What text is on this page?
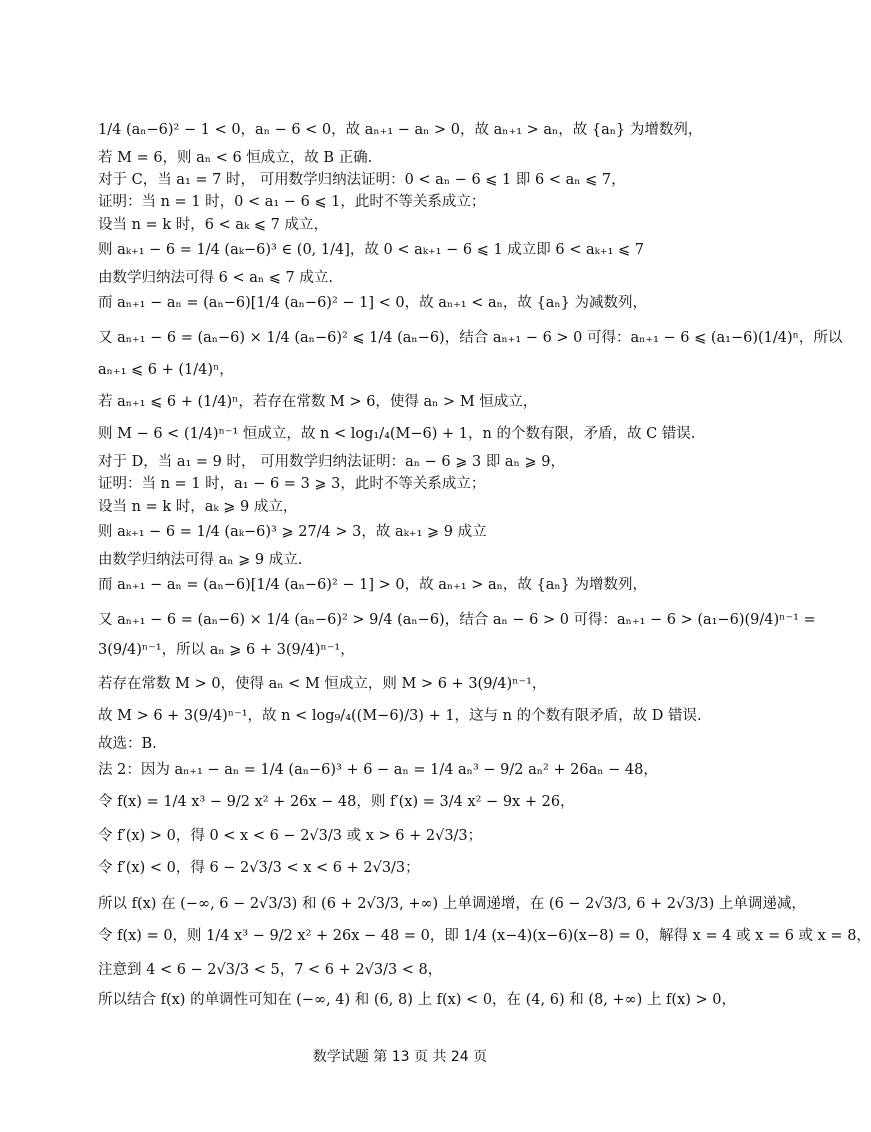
1/4 (aₙ−6)² − 1 < 0，aₙ − 6 < 0，故 aₙ₊₁ − aₙ > 0，故 aₙ₊₁ > aₙ，故 {aₙ} 为增数列，
若 M = 6，则 aₙ < 6 恒成立，故 B 正确.
对于 C，当 a₁ = 7 时， 可用数学归纳法证明：0 < aₙ − 6 ⩽ 1 即 6 < aₙ ⩽ 7，
证明：当 n = 1 时，0 < a₁ − 6 ⩽ 1，此时不等关系成立；
设当 n = k 时，6 < aₖ ⩽ 7 成立，
则 aₖ₊₁ − 6 = 1/4 (aₖ−6)³ ∈ (0, 1/4]，故 0 < aₖ₊₁ − 6 ⩽ 1 成立即 6 < aₖ₊₁ ⩽ 7
由数学归纳法可得 6 < aₙ ⩽ 7 成立.
而 aₙ₊₁ − aₙ = (aₙ−6)[1/4 (aₙ−6)² − 1] < 0，故 aₙ₊₁ < aₙ，故 {aₙ} 为减数列，
又 aₙ₊₁ − 6 = (aₙ−6) × 1/4 (aₙ−6)² ⩽ 1/4 (aₙ−6)，结合 aₙ₊₁ − 6 > 0 可得：aₙ₊₁ − 6 ⩽ (a₁−6)(1/4)ⁿ，所以
aₙ₊₁ ⩽ 6 + (1/4)ⁿ，
若 aₙ₊₁ ⩽ 6 + (1/4)ⁿ，若存在常数 M > 6，使得 aₙ > M 恒成立，
则 M − 6 < (1/4)ⁿ⁻¹ 恒成立，故 n < log₁/₄(M−6) + 1，n 的个数有限，矛盾，故 C 错误.
对于 D，当 a₁ = 9 时， 可用数学归纳法证明：aₙ − 6 ⩾ 3 即 aₙ ⩾ 9，
证明：当 n = 1 时，a₁ − 6 = 3 ⩾ 3，此时不等关系成立；
设当 n = k 时，aₖ ⩾ 9 成立，
则 aₖ₊₁ − 6 = 1/4 (aₖ−6)³ ⩾ 27/4 > 3，故 aₖ₊₁ ⩾ 9 成立
由数学归纳法可得 aₙ ⩾ 9 成立.
而 aₙ₊₁ − aₙ = (aₙ−6)[1/4 (aₙ−6)² − 1] > 0，故 aₙ₊₁ > aₙ，故 {aₙ} 为增数列，
又 aₙ₊₁ − 6 = (aₙ−6) × 1/4 (aₙ−6)² > 9/4 (aₙ−6)，结合 aₙ − 6 > 0 可得：aₙ₊₁ − 6 > (a₁−6)(9/4)ⁿ⁻¹ =
3(9/4)ⁿ⁻¹，所以 aₙ ⩾ 6 + 3(9/4)ⁿ⁻¹，
若存在常数 M > 0，使得 aₙ < M 恒成立，则 M > 6 + 3(9/4)ⁿ⁻¹，
故 M > 6 + 3(9/4)ⁿ⁻¹，故 n < log₉/₄((M−6)/3) + 1，这与 n 的个数有限矛盾，故 D 错误.
故选：B.
法 2：因为 aₙ₊₁ − aₙ = 1/4 (aₙ−6)³ + 6 − aₙ = 1/4 aₙ³ − 9/2 aₙ² + 26aₙ − 48，
令 f(x) = 1/4 x³ − 9/2 x² + 26x − 48，则 f′(x) = 3/4 x² − 9x + 26，
令 f′(x) > 0，得 0 < x < 6 − 2√3/3 或 x > 6 + 2√3/3；
令 f′(x) < 0，得 6 − 2√3/3 < x < 6 + 2√3/3；
所以 f(x) 在 (−∞, 6 − 2√3/3) 和 (6 + 2√3/3, +∞) 上单调递增，在 (6 − 2√3/3, 6 + 2√3/3) 上单调递减，
令 f(x) = 0，则 1/4 x³ − 9/2 x² + 26x − 48 = 0，即 1/4 (x−4)(x−6)(x−8) = 0，解得 x = 4 或 x = 6 或 x = 8，
注意到 4 < 6 − 2√3/3 < 5，7 < 6 + 2√3/3 < 8，
所以结合 f(x) 的单调性可知在 (−∞, 4) 和 (6, 8) 上 f(x) < 0，在 (4, 6) 和 (8, +∞) 上 f(x) > 0，
数学试题 第 13 页 共 24 页
